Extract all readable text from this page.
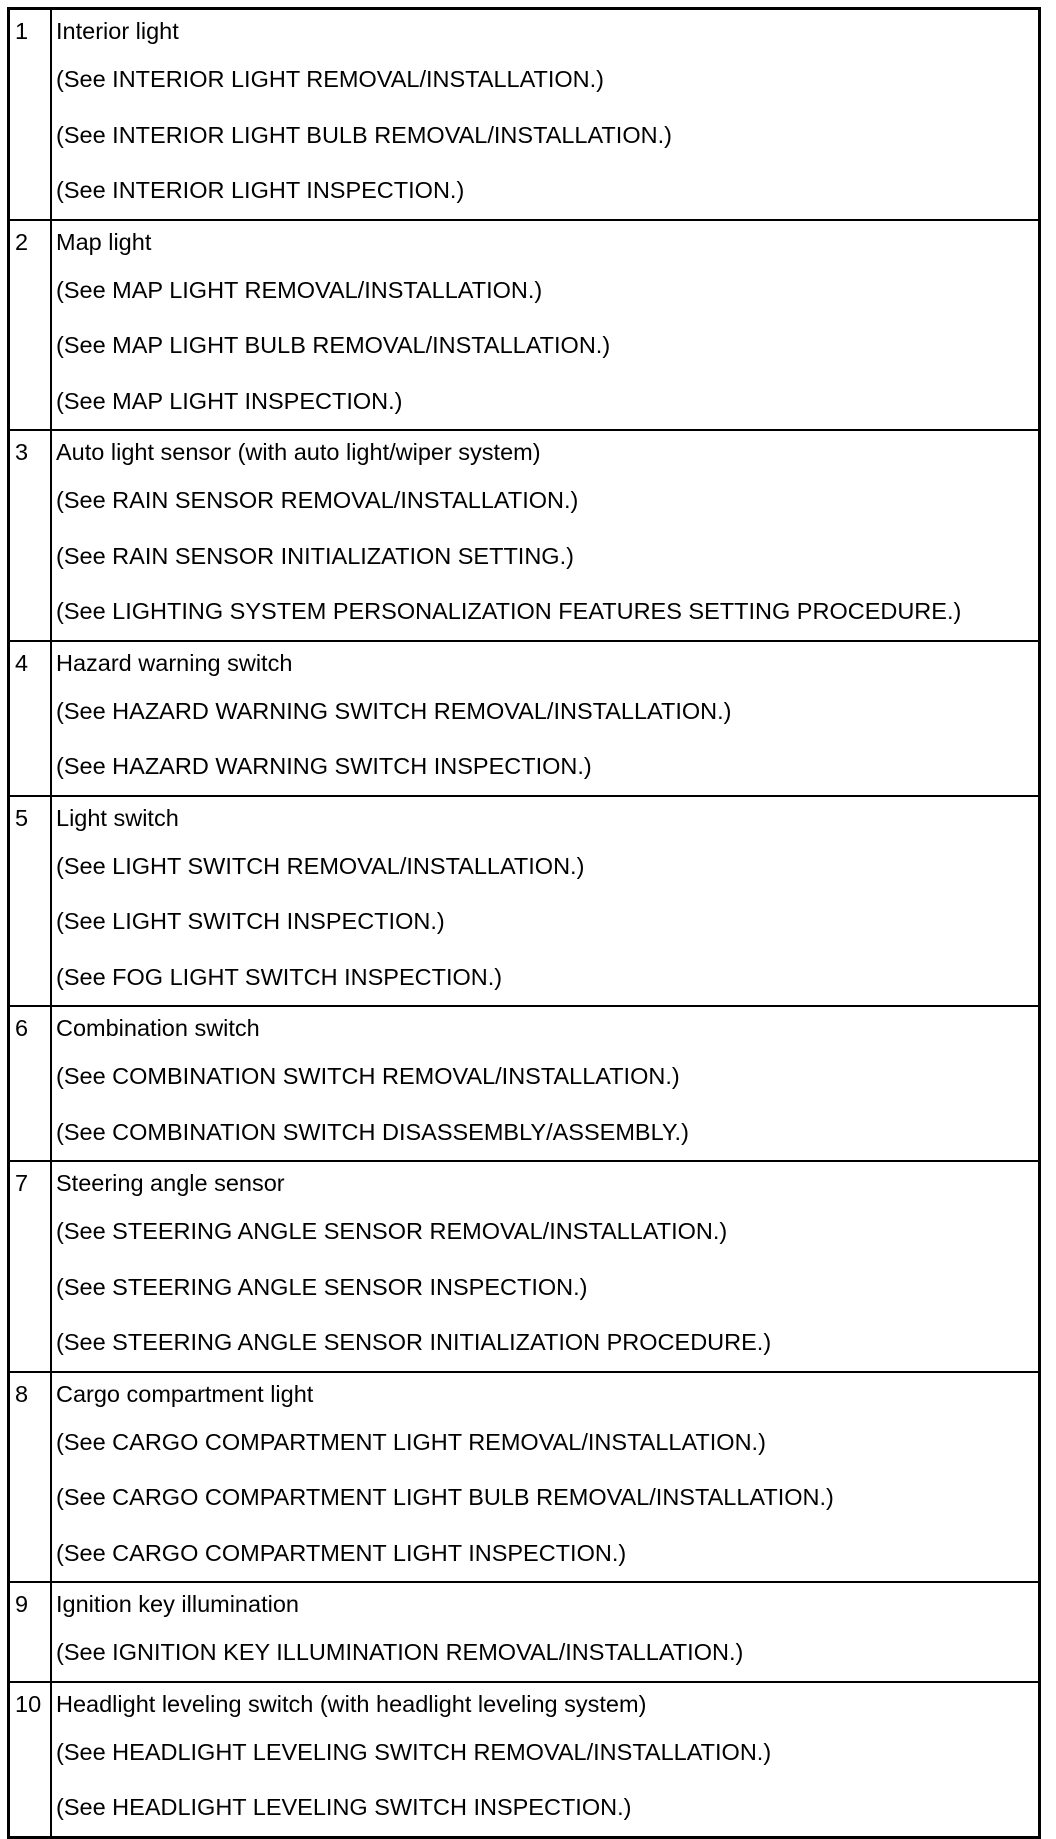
1	Interior light
(See INTERIOR LIGHT REMOVAL/INSTALLATION.)
(See INTERIOR LIGHT BULB REMOVAL/INSTALLATION.)
(See INTERIOR LIGHT INSPECTION.)

2	Map light
(See MAP LIGHT REMOVAL/INSTALLATION.)
(See MAP LIGHT BULB REMOVAL/INSTALLATION.)
(See MAP LIGHT INSPECTION.)

3	Auto light sensor (with auto light/wiper system)
(See RAIN SENSOR REMOVAL/INSTALLATION.)
(See RAIN SENSOR INITIALIZATION SETTING.)
(See LIGHTING SYSTEM PERSONALIZATION FEATURES SETTING PROCEDURE.)

4	Hazard warning switch
(See HAZARD WARNING SWITCH REMOVAL/INSTALLATION.)
(See HAZARD WARNING SWITCH INSPECTION.)

5	Light switch
(See LIGHT SWITCH REMOVAL/INSTALLATION.)
(See LIGHT SWITCH INSPECTION.)
(See FOG LIGHT SWITCH INSPECTION.)

6	Combination switch
(See COMBINATION SWITCH REMOVAL/INSTALLATION.)
(See COMBINATION SWITCH DISASSEMBLY/ASSEMBLY.)

7	Steering angle sensor
(See STEERING ANGLE SENSOR REMOVAL/INSTALLATION.)
(See STEERING ANGLE SENSOR INSPECTION.)
(See STEERING ANGLE SENSOR INITIALIZATION PROCEDURE.)

8	Cargo compartment light
(See CARGO COMPARTMENT LIGHT REMOVAL/INSTALLATION.)
(See CARGO COMPARTMENT LIGHT BULB REMOVAL/INSTALLATION.)
(See CARGO COMPARTMENT LIGHT INSPECTION.)

9	Ignition key illumination
(See IGNITION KEY ILLUMINATION REMOVAL/INSTALLATION.)

10	Headlight leveling switch (with headlight leveling system)
(See HEADLIGHT LEVELING SWITCH REMOVAL/INSTALLATION.)
(See HEADLIGHT LEVELING SWITCH INSPECTION.)
